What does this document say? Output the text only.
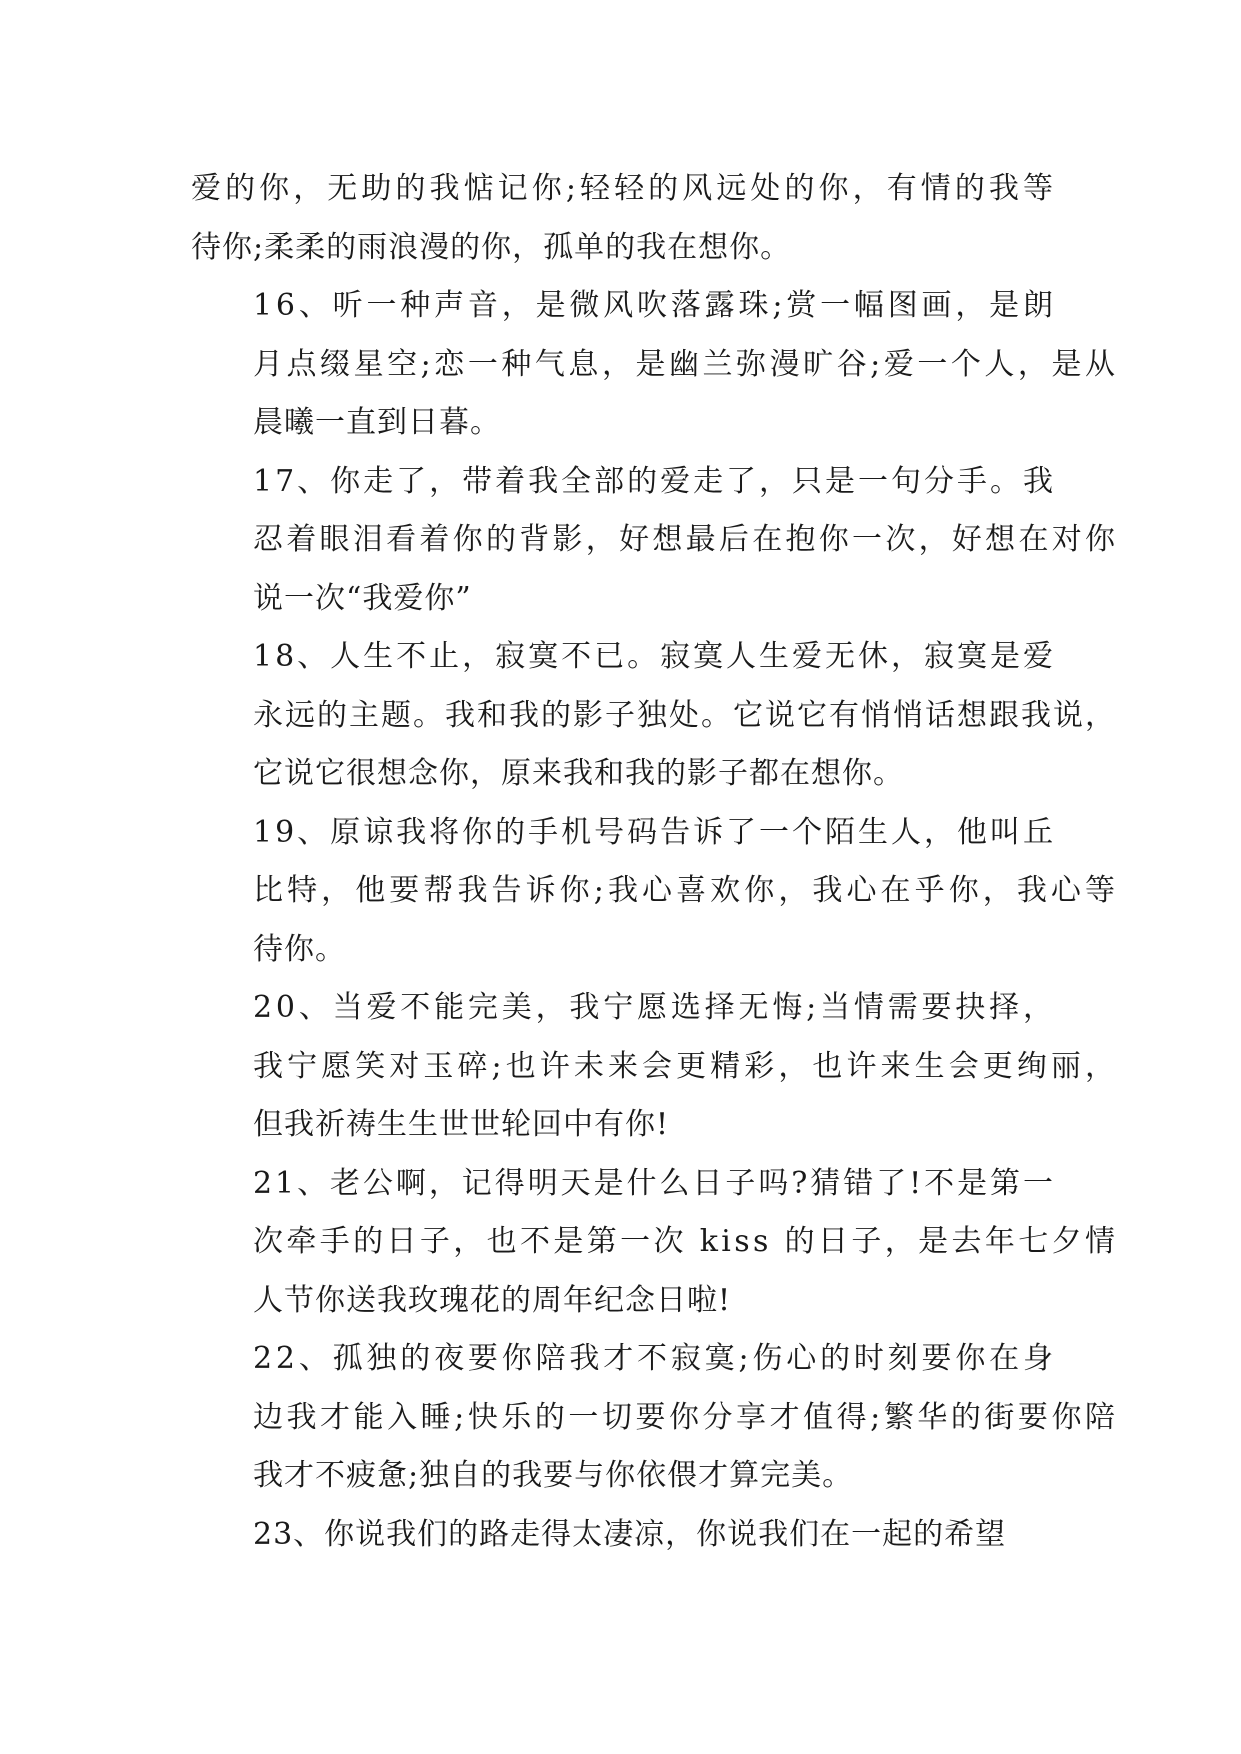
爱的你，无助的我惦记你;轻轻的风远处的你，有情的我等
待你;柔柔的雨浪漫的你，孤单的我在想你。
16、听一种声音，是微风吹落露珠;赏一幅图画，是朗
月点缀星空;恋一种气息，是幽兰弥漫旷谷;爱一个人，是从
晨曦一直到日暮。
17、你走了，带着我全部的爱走了，只是一句分手。我
忍着眼泪看着你的背影，好想最后在抱你一次，好想在对你
说一次“我爱你”
18、人生不止，寂寞不已。寂寞人生爱无休，寂寞是爱
永远的主题。我和我的影子独处。它说它有悄悄话想跟我说，
它说它很想念你，原来我和我的影子都在想你。
19、原谅我将你的手机号码告诉了一个陌生人，他叫丘
比特，他要帮我告诉你;我心喜欢你，我心在乎你，我心等
待你。
20、当爱不能完美，我宁愿选择无悔;当情需要抉择，
我宁愿笑对玉碎;也许未来会更精彩，也许来生会更绚丽，
但我祈祷生生世世轮回中有你!
21、老公啊，记得明天是什么日子吗?猜错了!不是第一
次牵手的日子，也不是第一次 kiss 的日子，是去年七夕情
人节你送我玫瑰花的周年纪念日啦!
22、孤独的夜要你陪我才不寂寞;伤心的时刻要你在身
边我才能入睡;快乐的一切要你分享才值得;繁华的街要你陪
我才不疲惫;独自的我要与你依偎才算完美。
23、你说我们的路走得太凄凉，你说我们在一起的希望
